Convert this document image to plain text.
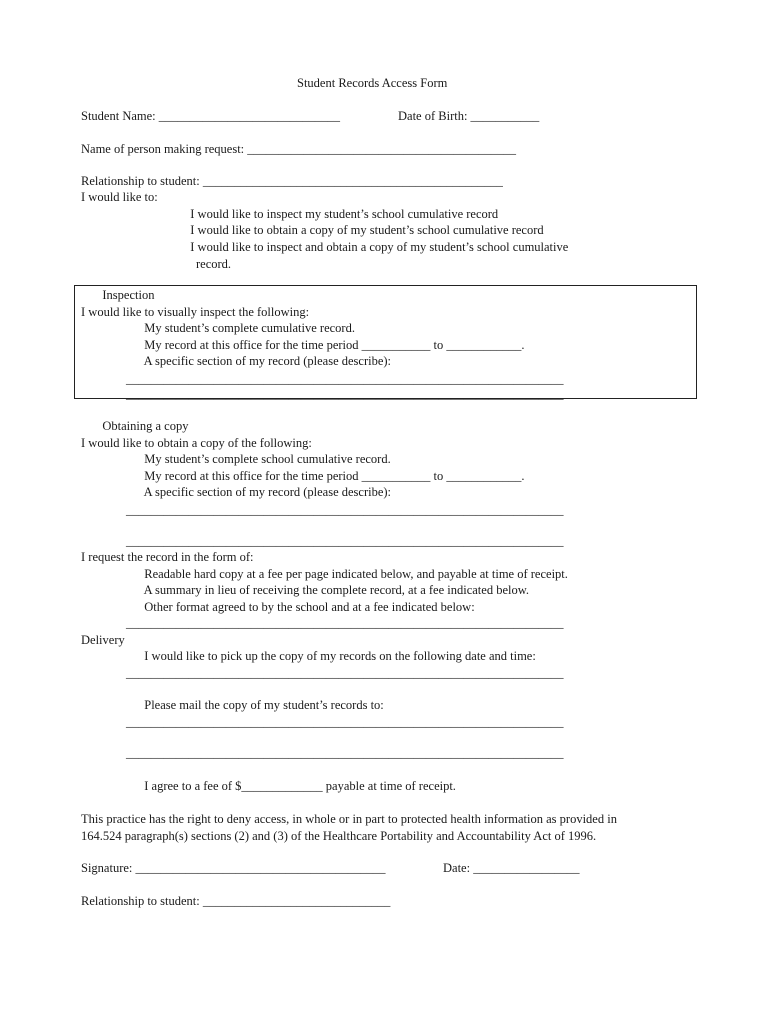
Student Records Access Form
Student Name: _____________________________	Date of Birth: ___________
Name of person making request: ___________________________________________
Relationship to student: ________________________________________________
I would like to:
I would like to inspect my student’s school cumulative record
I would like to obtain a copy of my student’s school cumulative record
I would like to inspect and obtain a copy of my student’s school cumulative
record.
Inspection
I would like to visually inspect the following:
My student’s complete cumulative record.
My record at this office for the time period ___________ to ____________.
A specific section of my record (please describe):
______________________________________________________________________
______________________________________________________________________
Obtaining a copy
I would like to obtain a copy of the following:
My student’s complete school cumulative record.
My record at this office for the time period ___________ to ____________.
A specific section of my record (please describe):
______________________________________________________________________
______________________________________________________________________
I request the record in the form of:
Readable hard copy at a fee per page indicated below, and payable at time of receipt.
A summary in lieu of receiving the complete record, at a fee indicated below.
Other format agreed to by the school and at a fee indicated below:
______________________________________________________________________
Delivery
I would like to pick up the copy of my records on the following date and time:
______________________________________________________________________
Please mail the copy of my student’s records to:
______________________________________________________________________
______________________________________________________________________
I agree to a fee of $_____________ payable at time of receipt.
This practice has the right to deny access, in whole or in part to protected health information as provided in
164.524 paragraph(s) sections (2) and (3) of the Healthcare Portability and Accountability Act of 1996.
Signature: ________________________________________	Date: _________________
Relationship to student: ______________________________
